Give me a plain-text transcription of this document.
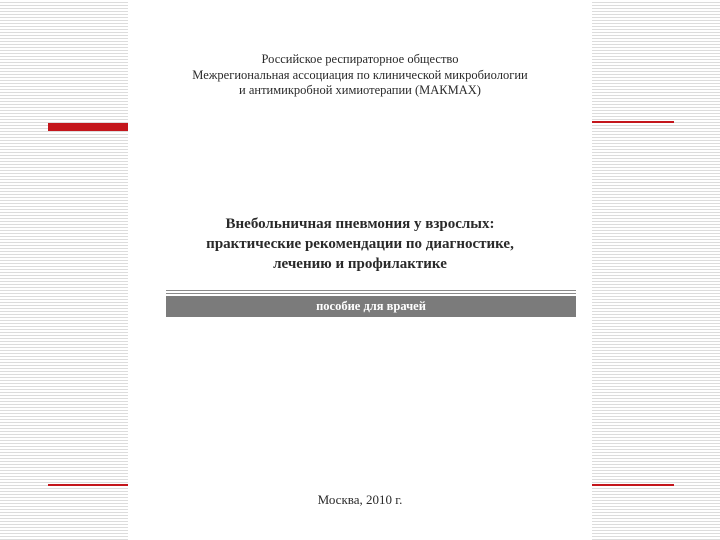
Российское респираторное общество
Межрегиональная ассоциация по клинической микробиологии
и антимикробной химиотерапии (МАКМАХ)
Внебольничная пневмония у взрослых:
практические рекомендации по диагностике,
лечению и профилактике
пособие для врачей
Москва, 2010 г.
